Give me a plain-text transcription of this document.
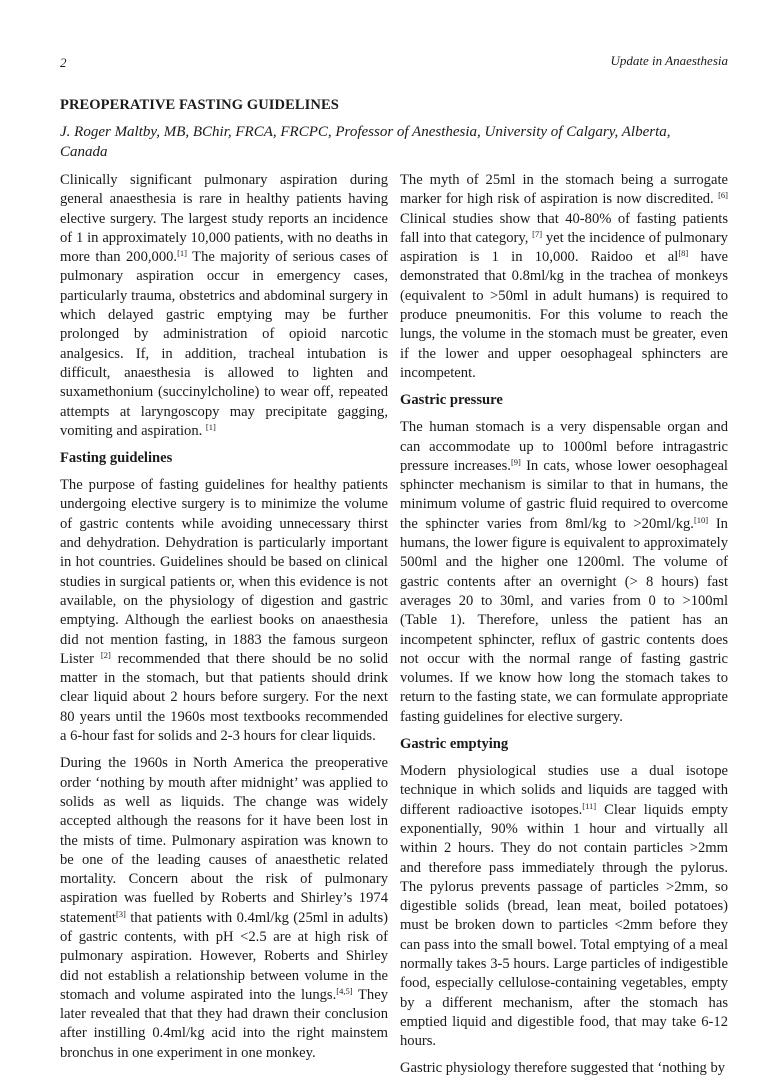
2	Update in Anaesthesia
PREOPERATIVE FASTING GUIDELINES
J. Roger Maltby, MB, BChir, FRCA, FRCPC, Professor of Anesthesia, University of Calgary, Alberta, Canada

Clinically significant pulmonary aspiration during general anaesthesia is rare in healthy patients having elective surgery. The largest study reports an incidence of 1 in approximately 10,000 patients, with no deaths in more than 200,000.[1] The majority of serious cases of pulmonary aspiration occur in emergency cases, particularly trauma, obstetrics and abdominal surgery in which delayed gastric emptying may be further prolonged by administration of opioid narcotic analgesics. If, in addition, tracheal intubation is difficult, anaesthesia is allowed to lighten and suxamethonium (succinylcholine) to wear off, repeated attempts at laryngoscopy may precipitate gagging, vomiting and aspiration. [1]

Fasting guidelines

The purpose of fasting guidelines for healthy patients undergoing elective surgery is to minimize the volume of gastric contents while avoiding unnecessary thirst and dehydration. Dehydration is particularly important in hot countries. Guidelines should be based on clinical studies in surgical patients or, when this evidence is not available, on the physiology of digestion and gastric emptying. Although the earliest books on anaesthesia did not mention fasting, in 1883 the famous surgeon Lister [2] recommended that there should be no solid matter in the stomach, but that patients should drink clear liquid about 2 hours before surgery. For the next 80 years until the 1960s most textbooks recommended a 6-hour fast for solids and 2-3 hours for clear liquids.

During the 1960s in North America the preoperative order ‘nothing by mouth after midnight’ was applied to solids as well as liquids. The change was widely accepted although the reasons for it have been lost in the mists of time. Pulmonary aspiration was known to be one of the leading causes of anaesthetic related mortality. Concern about the risk of pulmonary aspiration was fuelled by Roberts and Shirley’s 1974 statement[3] that patients with 0.4ml/kg (25ml in adults) of gastric contents, with pH <2.5 are at high risk of pulmonary aspiration. However, Roberts and Shirley did not establish a relationship between volume in the stomach and volume aspirated into the lungs.[4,5] They later revealed that that they had drawn their conclusion after instilling 0.4ml/kg acid into the right mainstem bronchus in one experiment in one monkey.

The myth of 25ml in the stomach being a surrogate marker for high risk of aspiration is now discredited. [6] Clinical studies show that 40-80% of fasting patients fall into that category, [7] yet the incidence of pulmonary aspiration is 1 in 10,000. Raidoo et al[8] have demonstrated that 0.8ml/kg in the trachea of monkeys (equivalent to >50ml in adult humans) is required to produce pneumonitis. For this volume to reach the lungs, the volume in the stomach must be greater, even if the lower and upper oesophageal sphincters are incompetent.

Gastric pressure

The human stomach is a very dispensable organ and can accommodate up to 1000ml before intragastric pressure increases.[9] In cats, whose lower oesophageal sphincter mechanism is similar to that in humans, the minimum volume of gastric fluid required to overcome the sphincter varies from 8ml/kg to >20ml/kg.[10] In humans, the lower figure is equivalent to approximately 500ml and the higher one 1200ml. The volume of gastric contents after an overnight (> 8 hours) fast averages 20 to 30ml, and varies from 0 to >100ml (Table 1). Therefore, unless the patient has an incompetent sphincter, reflux of gastric contents does not occur with the normal range of fasting gastric volumes. If we know how long the stomach takes to return to the fasting state, we can formulate appropriate fasting guidelines for elective surgery.

Gastric emptying

Modern physiological studies use a dual isotope technique in which solids and liquids are tagged with different radioactive isotopes.[11] Clear liquids empty exponentially, 90% within 1 hour and virtually all within 2 hours. They do not contain particles >2mm and therefore pass immediately through the pylorus. The pylorus prevents passage of particles >2mm, so digestible solids (bread, lean meat, boiled potatoes) must be broken down to particles <2mm before they can pass into the small bowel. Total emptying of a meal normally takes 3-5 hours. Large particles of indigestible food, especially cellulose-containing vegetables, empty by a different mechanism, after the stomach has emptied liquid and digestible food, that may take 6-12 hours.

Gastric physiology therefore suggested that ‘nothing by
